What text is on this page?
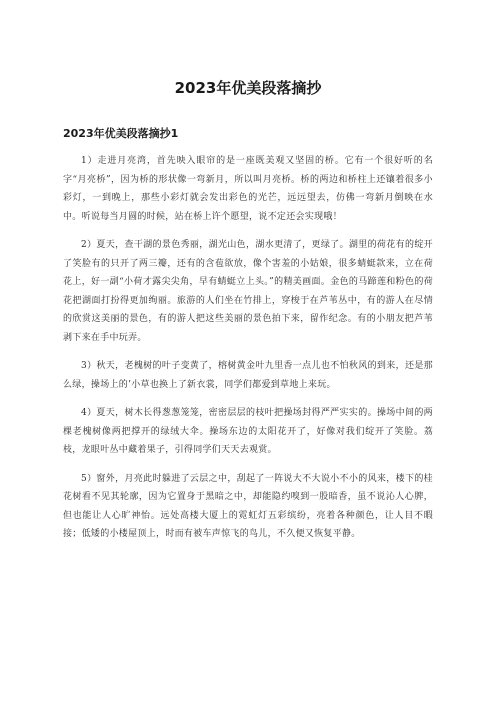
2023年优美段落摘抄
2023年优美段落摘抄1

1）走进月亮湾，首先映入眼帘的是一座既美观又坚固的桥。它有一个很好听的名字“月亮桥”，因为桥的形状像一弯新月，所以叫月亮桥。桥的两边和桥柱上还镶着很多小彩灯，一到晚上，那些小彩灯就会发出彩色的光芒，远远望去，仿佛一弯新月倒映在水中。听说每当月圆的时候，站在桥上许个愿望，说不定还会实现哦！

2）夏天，查干湖的景色秀丽，湖光山色，湖水更清了，更绿了。湖里的荷花有的绽开了笑脸有的只开了两三瓣，还有的含苞欲放，像个害羞的小姑娘，很多蜻蜓款来，立在荷花上，好一副“小荷才露尖尖角，早有蜻蜓立上头。”的精美画面。金色的马蹄莲和粉色的荷花把湖面打扮得更加绚丽。旅游的人们坐在竹排上，穿梭于在芦苇丛中，有的游人在尽情的欣赏这美丽的景色，有的游人把这些美丽的景色拍下来，留作纪念。有的小朋友把芦苇剥下来在手中玩弄。

3）秋天，老槐树的叶子变黄了，榕树黄金叶九里香一点儿也不怕秋风的到来，还是那么绿，操场上的’小草也换上了新衣裳，同学们都爱到草地上来玩。

4）夏天，树木长得葱葱笼笼，密密层层的枝叶把操场封得严严实实的。操场中间的两棵老槐树像两把撑开的绿绒大伞。操场东边的太阳花开了，好像对我们绽开了笑脸。荔枝，龙眼叶丛中藏着果子，引得同学们天天去观赏。

5）窗外，月亮此时躲进了云层之中，刮起了一阵说大不大说小不小的风来，楼下的桂花树看不见其轮廓，因为它置身于黑暗之中，却能隐约嗅到一股暗香，虽不说沁人心脾，但也能让人心旷神怡。远处高楼大厦上的霓虹灯五彩缤纷，亮着各种颜色，让人目不暇接；低矮的小楼屋顶上，时而有被车声惊飞的鸟儿，不久便又恢复平静。
